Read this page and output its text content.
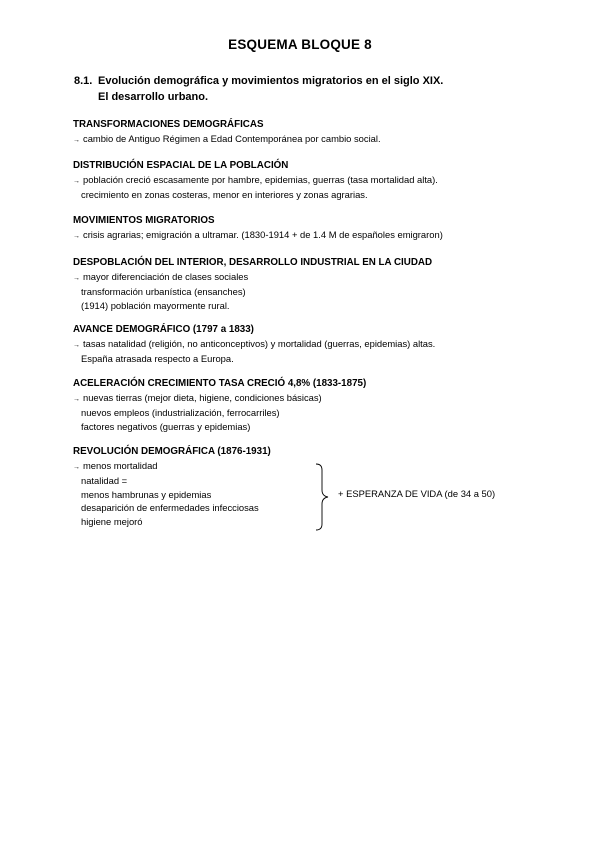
ESQUEMA BLOQUE 8
8.1. Evolución demográfica y movimientos migratorios en el siglo XIX.
El desarrollo urbano.
TRANSFORMACIONES DEMOGRÁFICAS
→ cambio de Antiguo Régimen a Edad Contemporánea por cambio social.
DISTRIBUCIÓN ESPACIAL DE LA POBLACIÓN
→ población creció escasamente por hambre, epidemias, guerras (tasa mortalidad alta).
crecimiento en zonas costeras, menor en interiores y zonas agrarias.
MOVIMIENTOS MIGRATORIOS
→ crisis agrarias; emigración a ultramar. (1830-1914 + de 1.4 M de españoles emigraron)
DESPOBLACIÓN DEL INTERIOR, DESARROLLO INDUSTRIAL EN LA CIUDAD
→ mayor diferenciación de clases sociales
transformación urbanística (ensanches)
(1914) población mayormente rural.
AVANCE DEMOGRÁFICO (1797 a 1833)
→ tasas natalidad (religión, no anticonceptivos) y mortalidad (guerras, epidemias) altas.
España atrasada respecto a Europa.
ACELERACIÓN CRECIMIENTO TASA CRECIÓ 4,8% (1833-1875)
→ nuevas tierras (mejor dieta, higiene, condiciones básicas)
nuevos empleos (industrialización, ferrocarriles)
factores negativos (guerras y epidemias)
REVOLUCIÓN DEMOGRÁFICA (1876-1931)
→ menos mortalidad
natalidad =
menos hambrunas y epidemias
desaparición de enfermedades infecciosas
higiene mejoró
+ ESPERANZA DE VIDA (de 34 a 50)
